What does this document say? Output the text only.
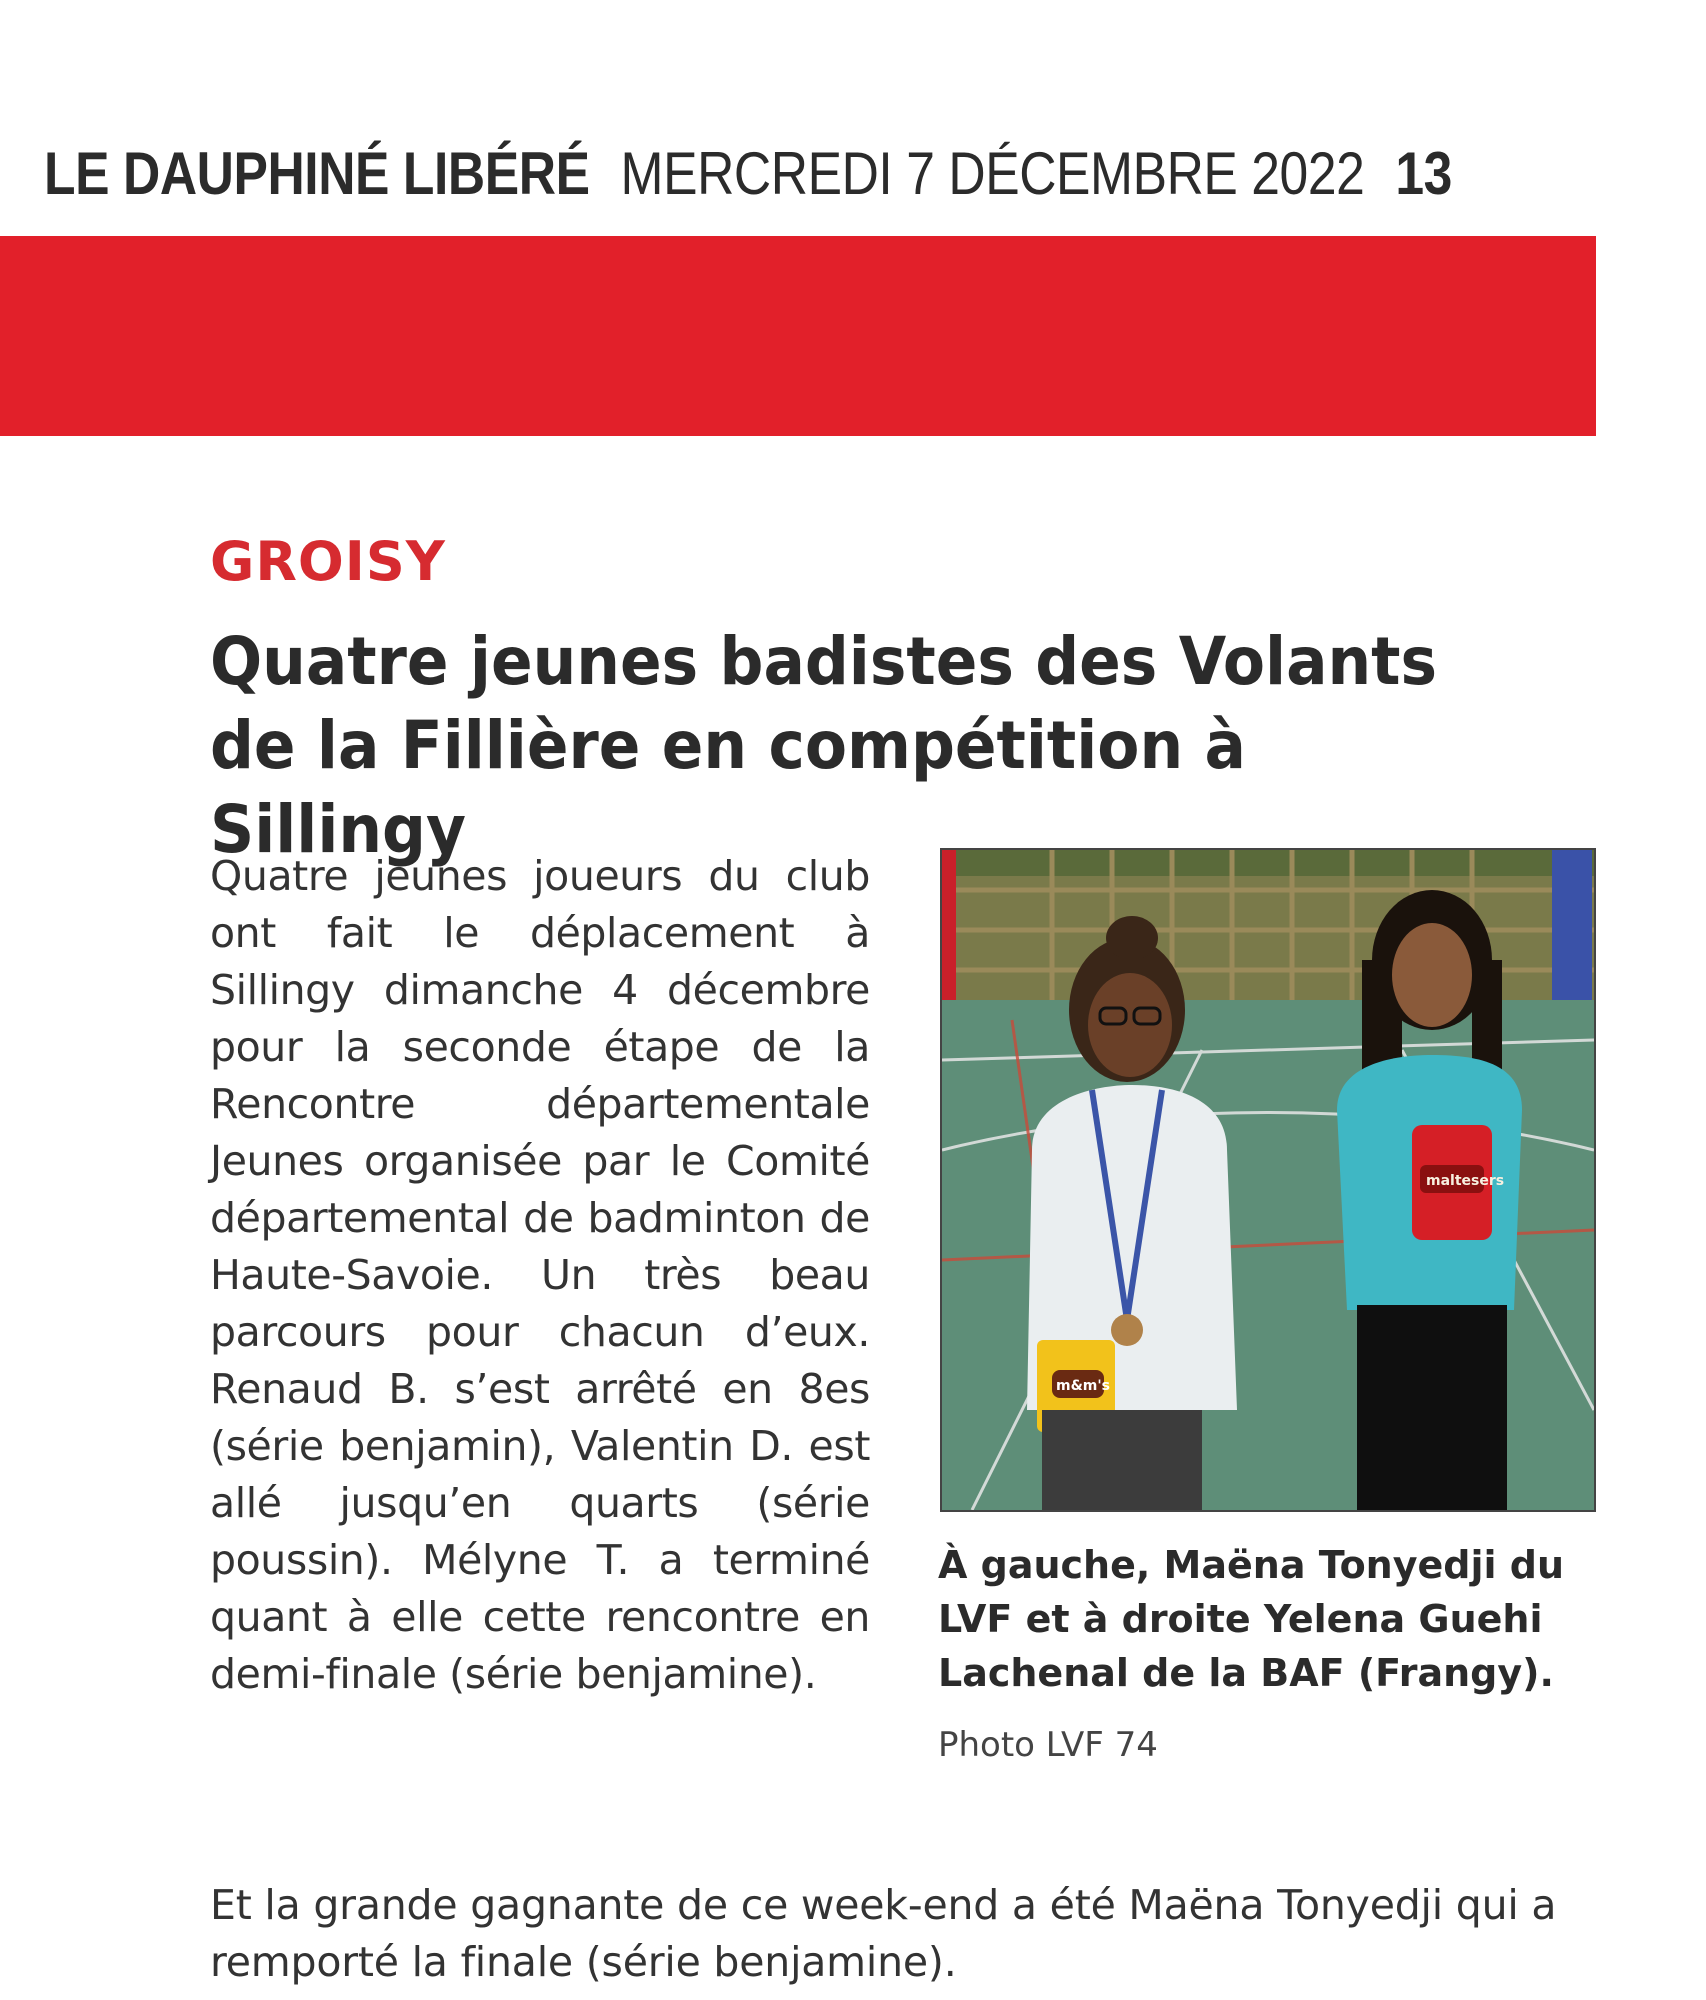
LE DAUPHINÉ LIBÉRÉ MERCREDI 7 DÉCEMBRE 2022 13
GROISY
Quatre jeunes badistes des Volants de la Fillière en compétition à Sillingy

Quatre jeunes joueurs du club ont fait le déplacement à Sillingy dimanche 4 décembre pour la seconde étape de la Rencontre départementale Jeunes organisée par le Comité départemental de badminton de Haute-Savoie. Un très beau parcours pour chacun d’eux. Renaud B. s’est arrêté en 8es (série benjamin), Valentin D. est allé jusqu’en quarts (série poussin). Mélyne T. a terminé quant à elle cette rencontre en demi-finale (série benjamine).

maltesers
m&m's

À gauche, Maëna Tonyedji du LVF et à droite Yelena Guehi Lachenal de la BAF (Frangy).

Photo LVF 74

Et la grande gagnante de ce week-end a été Maëna Tonyedji qui a remporté la finale (série benjamine).
